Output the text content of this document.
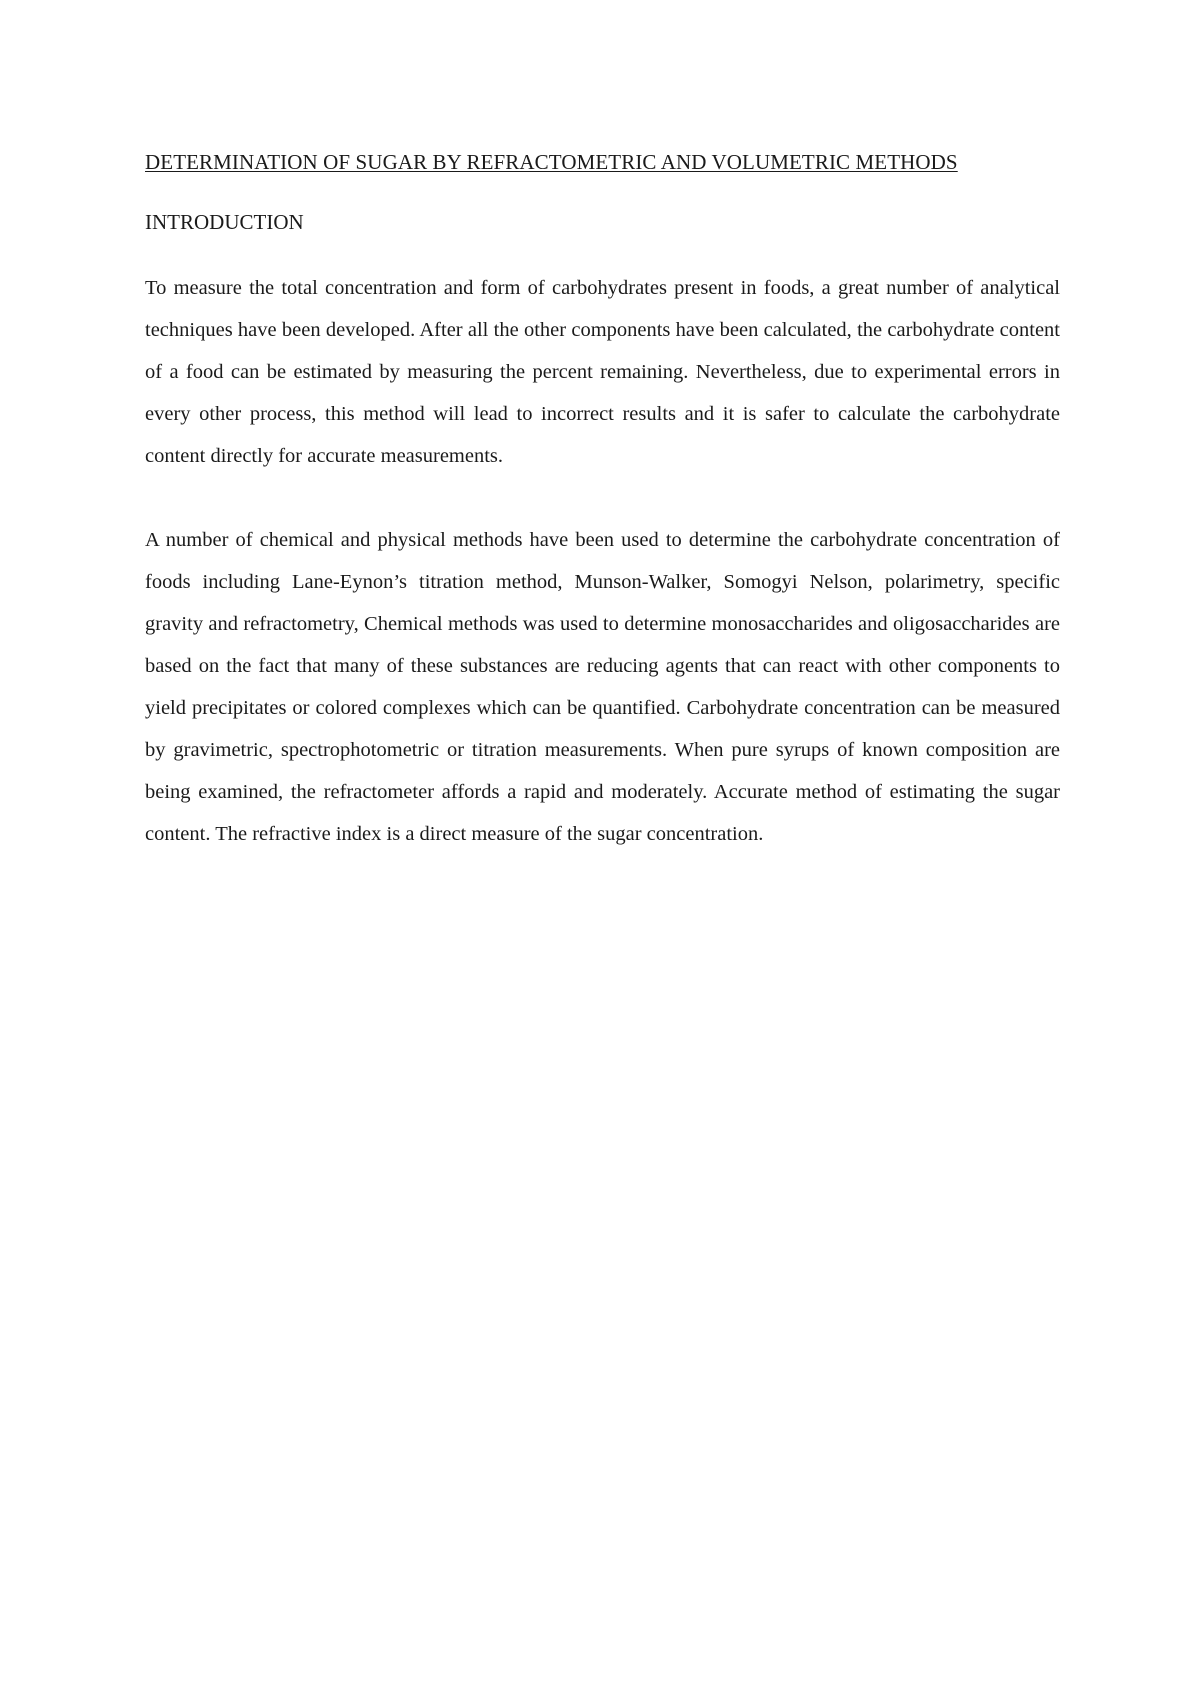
DETERMINATION OF SUGAR BY REFRACTOMETRIC AND VOLUMETRIC METHODS
INTRODUCTION

To measure the total concentration and form of carbohydrates present in foods, a great number of analytical techniques have been developed. After all the other components have been calculated, the carbohydrate content of a food can be estimated by measuring the percent remaining. Nevertheless, due to experimental errors in every other process, this method will lead to incorrect results and it is safer to calculate the carbohydrate content directly for accurate measurements.

A number of chemical and physical methods have been used to determine the carbohydrate concentration of foods including Lane-Eynon’s titration method, Munson-Walker, Somogyi Nelson, polarimetry, specific gravity and refractometry, Chemical methods was used to determine monosaccharides and oligosaccharides are based on the fact that many of these substances are reducing agents that can react with other components to yield precipitates or colored complexes which can be quantified. Carbohydrate concentration can be measured by gravimetric, spectrophotometric or titration measurements. When pure syrups of known composition are being examined, the refractometer affords a rapid and moderately. Accurate method of estimating the sugar content. The refractive index is a direct measure of the sugar concentration.
